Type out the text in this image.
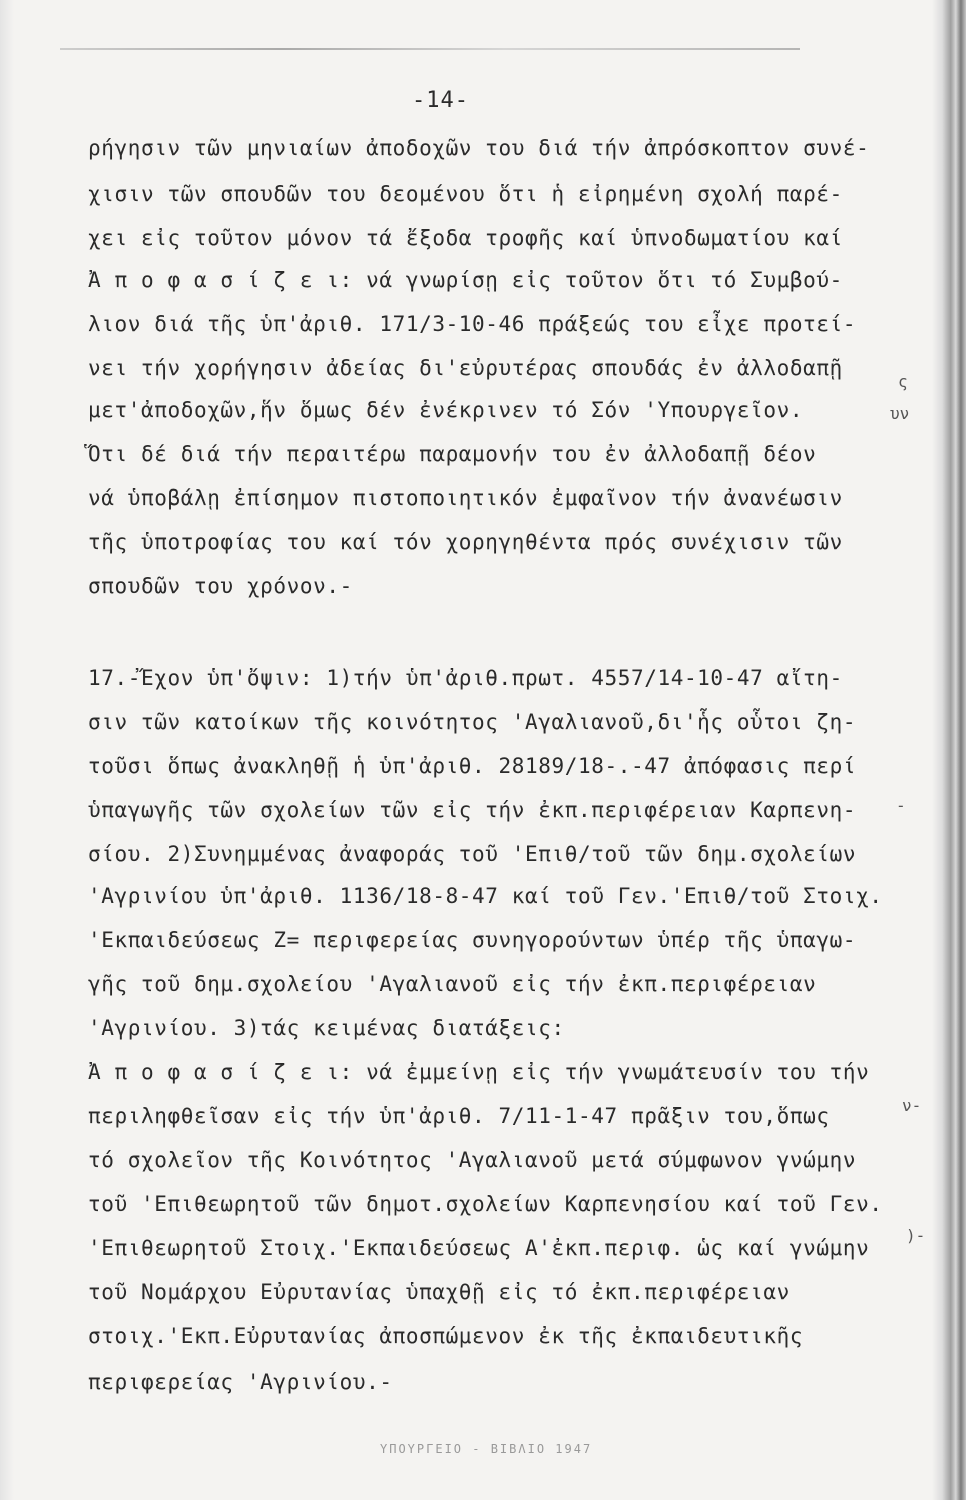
-14-
ρήγησιν τῶν μηνιαίων ἀποδοχῶν του διά τήν ἀπρόσκοπτον συνέ-
χισιν τῶν σπουδῶν του δεομένου ὅτι ἡ εἰρημένη σχολή παρέ-
χει εἰς τοῦτον μόνον τά ἔξοδα τροφῆς καί ὑπνοδωματίου καί
Ἀ π ο φ α σ ί ζ ε ι: νά γνωρίσῃ εἰς τοῦτον ὅτι τό Συμβού-
λιον διά τῆς ὑπ'ἀριθ. 171/3-10-46 πράξεώς του εἶχε προτεί-
νει τήν χορήγησιν ἀδείας δι'εὐρυτέρας σπουδάς ἐν ἀλλοδαπῇ
μετ'ἀποδοχῶν,ἥν ὅμως δέν ἐνέκρινεν τό Σόν 'Υπουργεῖον.
Ὅτι δέ διά τήν περαιτέρω παραμονήν του ἐν ἀλλοδαπῇ δέον
νά ὑποβάλῃ ἐπίσημον πιστοποιητικόν ἐμφαῖνον τήν ἀνανέωσιν
τῆς ὑποτροφίας του καί τόν χορηγηθέντα πρός συνέχισιν τῶν
σπουδῶν του χρόνον.-
17.-Ἔχον ὑπ'ὄψιν: 1)τήν ὑπ'ἀριθ.πρωτ. 4557/14-10-47 αἴτη-
σιν τῶν κατοίκων τῆς κοινότητος 'Αγαλιανοῦ,δι'ἧς οὗτοι ζη-
τοῦσι ὅπως ἀνακληθῇ ἡ ὑπ'ἀριθ. 28189/18-.-47 ἀπόφασις περί
ὑπαγωγῆς τῶν σχολείων τῶν εἰς τήν ἐκπ.περιφέρειαν Καρπενη-
σίου. 2)Συνημμένας ἀναφοράς τοῦ 'Επιθ/τοῦ τῶν δημ.σχολείων
'Αγρινίου ὑπ'ἀριθ. 1136/18-8-47 καί τοῦ Γεν.'Επιθ/τοῦ Στοιχ.
'Εκπαιδεύσεως Ζ= περιφερείας συνηγορούντων ὑπέρ τῆς ὑπαγω-
γῆς τοῦ δημ.σχολείου 'Αγαλιανοῦ εἰς τήν ἐκπ.περιφέρειαν
'Αγρινίου. 3)τάς κειμένας διατάξεις:
Ἀ π ο φ α σ ί ζ ε ι: νά ἐμμείνῃ εἰς τήν γνωμάτευσίν του τήν
περιληφθεῖσαν εἰς τήν ὑπ'ἀριθ. 7/11-1-47 πρᾶξιν του,ὅπως
τό σχολεῖον τῆς Κοινότητος 'Αγαλιανοῦ μετά σύμφωνον γνώμην
τοῦ 'Επιθεωρητοῦ τῶν δημοτ.σχολείων Καρπενησίου καί τοῦ Γεν.
'Επιθεωρητοῦ Στοιχ.'Εκπαιδεύσεως Α'ἐκπ.περιφ. ὡς καί γνώμην
τοῦ Νομάρχου Εὐρυτανίας ὑπαχθῇ εἰς τό ἐκπ.περιφέρειαν
στοιχ.'Εκπ.Εὐρυτανίας ἀποσπώμενον ἐκ τῆς ἐκπαιδευτικῆς
περιφερείας 'Αγρινίου.-
ς
υν
-
ν-
)-
ΥΠΟΥΡΓΕΙΟ - ΒΙΒΛΙΟ 1947
